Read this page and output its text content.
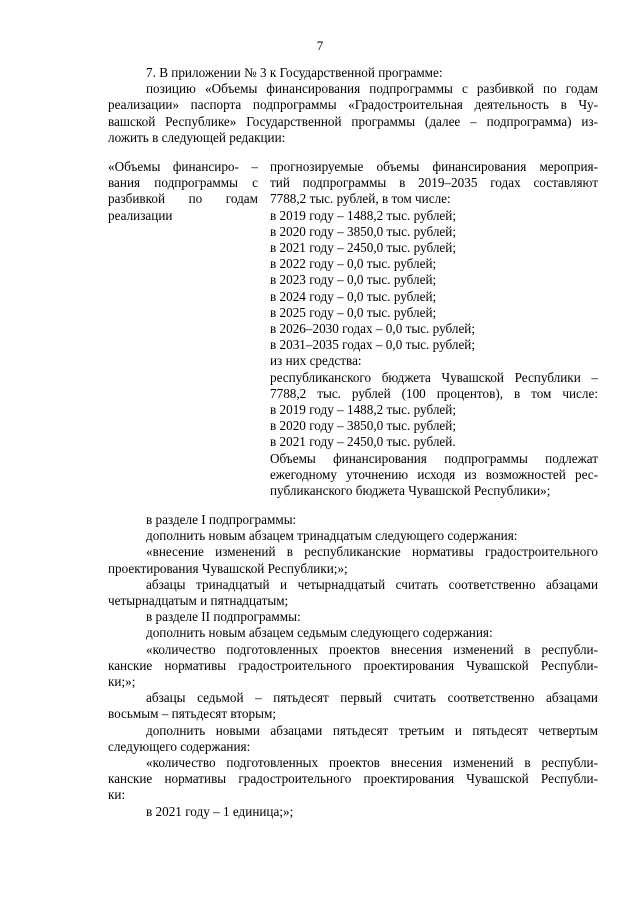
7
7. В приложении № 3 к Государственной программе:
позицию «Объемы финансирования подпрограммы с разбивкой по годам
реализации» паспорта подпрограммы «Градостроительная деятельность в Чу-
вашской Республике» Государственной программы (далее – подпрограмма) из-
ложить в следующей редакции:
«Объемы финансиро- –
вания подпрограммы с
разбивкой по годам
реализации
прогнозируемые объемы финансирования мероприя-
тий подпрограммы в 2019–2035 годах составляют
7788,2 тыс. рублей, в том числе:
в 2019 году – 1488,2 тыс. рублей;
в 2020 году – 3850,0 тыс. рублей;
в 2021 году – 2450,0 тыс. рублей;
в 2022 году – 0,0 тыс. рублей;
в 2023 году – 0,0 тыс. рублей;
в 2024 году – 0,0 тыс. рублей;
в 2025 году – 0,0 тыс. рублей;
в 2026–2030 годах – 0,0 тыс. рублей;
в 2031–2035 годах – 0,0 тыс. рублей;
из них средства:
республиканского бюджета Чувашской Республики –
7788,2 тыс. рублей (100 процентов), в том числе:
в 2019 году – 1488,2 тыс. рублей;
в 2020 году – 3850,0 тыс. рублей;
в 2021 году – 2450,0 тыс. рублей.
Объемы финансирования подпрограммы подлежат
ежегодному уточнению исходя из возможностей рес-
публиканского бюджета Чувашской Республики»;
в разделе I подпрограммы:
дополнить новым абзацем тринадцатым следующего содержания:
«внесение изменений в республиканские нормативы градостроительного
проектирования Чувашской Республики;»;
абзацы тринадцатый и четырнадцатый считать соответственно абзацами
четырнадцатым и пятнадцатым;
в разделе II подпрограммы:
дополнить новым абзацем седьмым следующего содержания:
«количество подготовленных проектов внесения изменений в республи-
канские нормативы градостроительного проектирования Чувашской Республи-
ки;»;
абзацы седьмой – пятьдесят первый считать соответственно абзацами
восьмым – пятьдесят вторым;
дополнить новыми абзацами пятьдесят третьим и пятьдесят четвертым
следующего содержания:
«количество подготовленных проектов внесения изменений в республи-
канские нормативы градостроительного проектирования Чувашской Республи-
ки:
в 2021 году – 1 единица;»;
